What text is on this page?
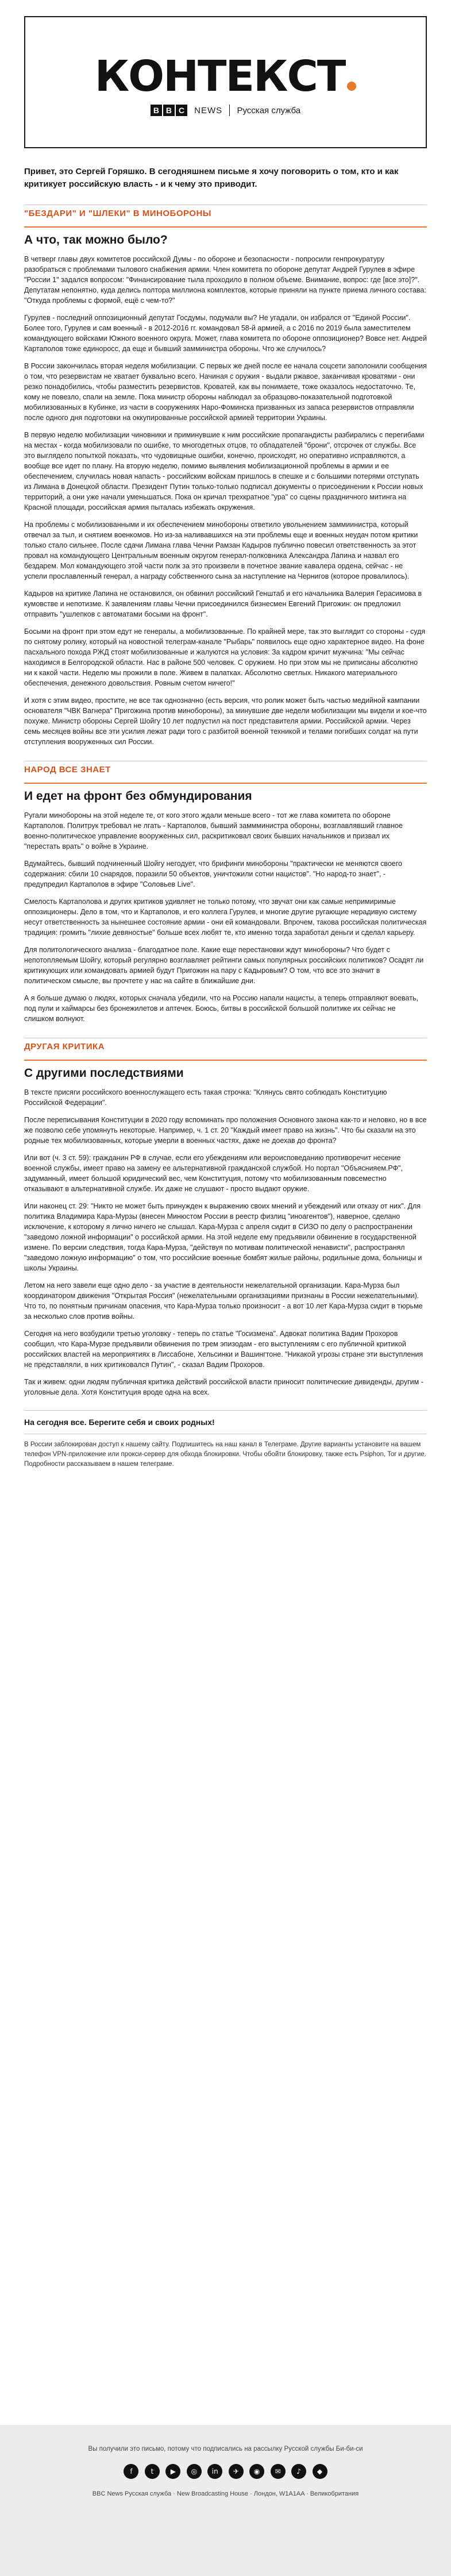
КОНТЕКСТ
B B C NEWS Русская служба

Привет, это Сергей Горяшко. В сегодняшнем письме я хочу поговорить о том, кто и как критикует российскую власть - и к чему это приводит.

"БЕЗДАРИ" И "ШЛЕКИ" В МИНОБОРОНЫ
А что, так можно было?

В четверг главы двух комитетов российской Думы - по обороне и безопасности - попросили генпрокуратуру разобраться с проблемами тылового снабжения армии. Член комитета по обороне депутат Андрей Гурулев в эфире "России 1" задался вопросом: "Финансирование тыла проходило в полном объеме. Внимание, вопрос: где [все это]?". Депутатам непонятно, куда делись полтора миллиона комплектов, которые приняли на пункте приема личного состава: "Откуда проблемы с формой, ещё с чем-то?"

Гурулев - последний оппозиционный депутат Госдумы, подумали вы? Не угадали, он избрался от "Единой России". Более того, Гурулев и сам военный - в 2012-2016 гг. командовал 58-й армией, а с 2016 по 2019 была заместителем командующего войсками Южного военного округа. Может, глава комитета по обороне оппозиционер? Вовсе нет. Андрей Картаполов тоже единоросс, да еще и бывший замминистра обороны. Что же случилось?

В России закончилась вторая неделя мобилизации. С первых же дней после ее начала соцсети заполонили сообщения о том, что резервистам не хватает буквально всего. Начиная с оружия - выдали ржавое, заканчивая кроватями - они резко понадобились, чтобы разместить резервистов. Кроватей, как вы понимаете, тоже оказалось недостаточно. Те, кому не повезло, спали на земле. Пока министр обороны наблюдал за образцово-показательной подготовкой мобилизованных в Кубинке, из части в сооружениях Наро-Фоминска призванных из запаса резервистов отправляли после одного дня подготовки на оккупированные российской армией территории Украины.

В первую неделю мобилизации чиновники и приминувшие к ним российские пропагандисты разбирались с перегибами на местах - когда мобилизовали по ошибке, то многодетных отцов, то обладателей "брони", отсрочек от службы. Все это выглядело попыткой показать, что чудовищные ошибки, конечно, происходят, но оперативно исправляются, а вообще все идет по плану. На вторую неделю, помимо выявления мобилизационной проблемы в армии и ее обеспечением, случилась новая напасть - российским войскам пришлось в спешке и с большими потерями отступать из Лимана в Донецкой области. Президент Путин только-только подписал документы о присоединении к России новых территорий, а они уже начали уменьшаться. Пока он кричал трехкратное "ура" со сцены праздничного митинга на Красной площади, российская армия пыталась избежать окружения.

На проблемы с мобилизованными и их обеспечением минобороны ответило увольнением заммиинистра, который отвечал за тыл, и снятием военкомов. Но из-за наливавшихся на эти проблемы еще и военных неудач потом критики только стало сильнее. После сдачи Лимана глава Чечни Рамзан Кадыров публично повесил ответственность за этот провал на командующего Центральным военным округом генерал-полковника Александра Лапина и назвал его бездарем. Мол командующего этой части полк за это произвели в почетное звание кавалера ордена, сейчас - не успели прославленный генерал, а награду собственного сына за наступление на Чернигов (которое провалилось).

Кадыров на критике Лапина не остановился, он обвинил российский Генштаб и его начальника Валерия Герасимова в кумовстве и непотизме. К заявлениям главы Чечни присоединился бизнесмен Евгений Пригожин: он предложил отправить "ушлепков с автоматами босыми на фронт".

Босыми на фронт при этом едут не генералы, а мобилизованные. По крайней мере, так это выглядит со стороны - судя по снятому ролику, который на новостной телеграм-канале "Рыбарь" появилось еще одно характерное видео. На фоне пасхального похода РЖД стоят мобилизованные и жалуются на условия: За кадром кричит мужчина: "Мы сейчас находимся в Белгородской области. Нас в районе 500 человек. С оружием. Но при этом мы не приписаны абсолютно ни к какой части. Неделю мы прожили в поле. Живем в палатках. Абсолютно светлых. Никакого материального обеспечения, денежного довольствия. Ровным счетом ничего!"

И хотя с этим видео, простите, не все так однозначно (есть версия, что ролик может быть частью медийной кампании основателя "ЧВК Вагнера" Пригожина против минобороны), за минувшие две недели мобилизации мы видели и кое-что похуже. Министр обороны Сергей Шойгу 10 лет подпустил на пост представителя армии. Российской армии. Через семь месяцев войны все эти усилия лежат ради того с разбитой военной техникой и телами погибших солдат на пути отступления вооруженных сил России.

НАРОД ВСЕ ЗНАЕТ
И едет на фронт без обмундирования

Ругали минобороны на этой неделе те, от кого этого ждали меньше всего - тот же глава комитета по обороне Картаполов. Политрук требовал не лгать - Картаполов, бывший заммминистра обороны, возглавлявший главное военно-политическое управление вооруженных сил, раскритиковал своих бывших начальников и призвал их "перестать врать" о войне в Украине.

Вдумайтесь, бывший подчиненный Шойгу негодует, что брифинги минобороны "практически не меняются своего содержания: сбили 10 снарядов, поразили 50 объектов, уничтожили сотни нацистов". "Но народ-то знает", - предупредил Картаполов в эфире "Соловьев Live".

Смелость Картаполова и других критиков удивляет не только потому, что звучат они как самые непримиримые оппозиционеры. Дело в том, что и Картаполов, и его коллега Гурулев, и многие другие ругающие нерадивую систему несут ответственность за нынешнее состояние армии - они ей командовали. Впрочем, такова российская политическая традиция: громить "лихие девяностые" больше всех любят те, кто именно тогда заработал деньги и сделал карьеру.

Для политологического анализа - благодатное поле. Какие еще перестановки ждут минобороны? Что будет с непотопляемым Шойгу, который регулярно возглавляет рейтинги самых популярных российских политиков? Осадят ли критикующих или командовать армией будут Пригожин на пару с Кадыровым? О том, что все это значит в политическом смысле, вы прочтете у нас на сайте в ближайшие дни.

А я больше думаю о людях, которых сначала убедили, что на Россию напали нацисты, а теперь отправляют воевать, под пули и хаймарсы без бронежилетов и аптечек. Боюсь, битвы в российской большой политике их сейчас не слишком волнуют.

ДРУГАЯ КРИТИКА
С другими последствиями

В тексте присяги российского военнослужащего есть такая строчка: "Клянусь свято соблюдать Конституцию Российской Федерации".

После переписывания Конституции в 2020 году вспоминать про положения Основного закона как-то и неловко, но в все же позволю себе упомянуть некоторые. Например, ч. 1 ст. 20 "Каждый имеет право на жизнь". Что бы сказали на это родные тех мобилизованных, которые умерли в военных частях, даже не доехав до фронта?

Или вот (ч. 3 ст. 59): гражданин РФ в случае, если его убеждениям или вероисповеданию противоречит несение военной службы, имеет право на замену ее альтернативной гражданской службой. Но портал "Объяснияем.РФ", задуманный, имеет большой юридический вес, чем Конституция, потому что мобилизованным повсеместно отказывают в альтернативной службе. Их даже не слушают - просто выдают оружие.

Или наконец ст. 29: "Никто не может быть принужден к выражению своих мнений и убеждений или отказу от них". Для политика Владимира Кара-Мурзы (внесен Минюстом России в реестр физлиц "иноагентов"), наверное, сделано исключение, к которому я лично ничего не слышал. Кара-Мурза с апреля сидит в СИЗО по делу о распространении "заведомо ложной информации" о российской армии. На этой неделе ему предъявили обвинение в государственной измене. По версии следствия, тогда Кара-Мурза, "действуя по мотивам политической ненависти", распространял "заведомо ложную информацию" о том, что российские военные бомбят жилые районы, родильные дома, больницы и школы Украины.

Летом на него завели еще одно дело - за участие в деятельности нежелательной организации. Кара-Мурза был координатором движения "Открытая Россия" (нежелательными организациями признаны в России нежелательными). Что то, по понятным причинам опасения, что Кара-Мурза только произносит - а вот 10 лет Кара-Мурза сидит в тюрьме за несколько слов против войны.

Сегодня на него возбудили третью уголовку - теперь по статье "Госизмена". Адвокат политика Вадим Прохоров сообщил, что Кара-Мурзе предъявили обвинения по трем эпизодам - его выступлениям с его публичной критикой российских властей на мероприятиях в Лиссабоне, Хельсинки и Вашингтоне. "Никакой угрозы стране эти выступления не представляли, в них критиковался Путин", - сказал Вадим Прохоров.

Так и живем: одни людям публичная критика действий российской власти приносит политические дивиденды, другим - уголовные дела. Хотя Конституция вроде одна на всех.

На сегодня все. Берегите себя и своих родных!

В России заблокирован доступ к нашему сайту. Подпишитесь на наш канал в Телеграме. Другие варианты установите на вашем телефон VPN-приложение или прокси-сервер для обхода блокировки. Чтобы обойти блокировку, также есть Psiphon, Tor и другие. Подробности рассказываем в нашем телеграме.

Вы получили это письмо, потому что подписались на рассылку Русской службы Би-би-си
f	t ▶ ◎ in ✈ ◉ ✉ ♪ ◆
BBC News Русская служба · New Broadcasting House · Лондон, W1A1AA · Великобритания
